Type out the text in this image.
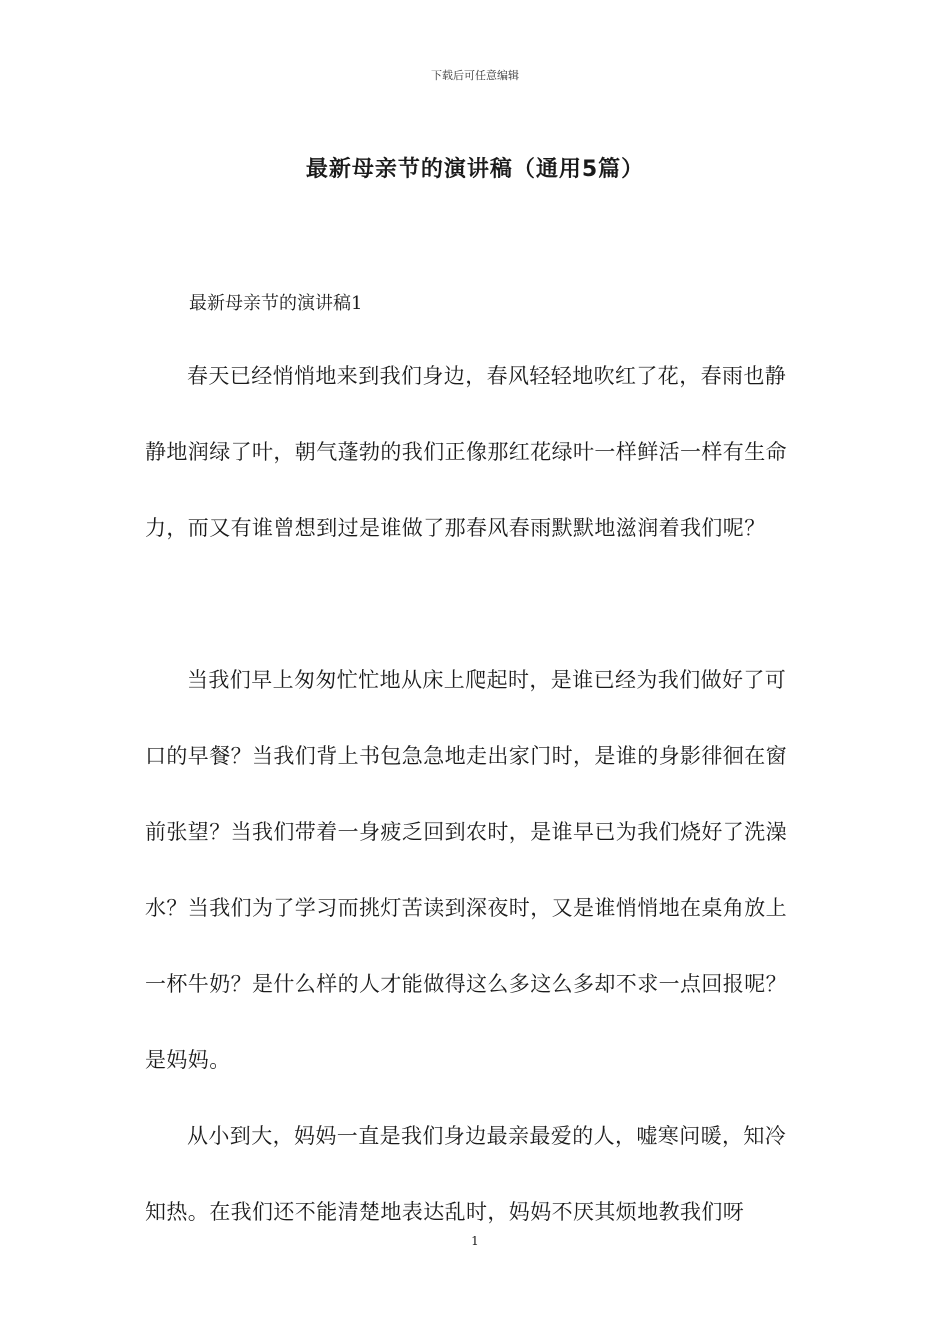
下载后可任意编辑
最新母亲节的演讲稿（通用5篇）
最新母亲节的演讲稿1

春天已经悄悄地来到我们身边，春风轻轻地吹红了花，春雨也静静地润绿了叶，朝气蓬勃的我们正像那红花绿叶一样鲜活一样有生命力，而又有谁曾想到过是谁做了那春风春雨默默地滋润着我们呢？

当我们早上匆匆忙忙地从床上爬起时，是谁已经为我们做好了可口的早餐？当我们背上书包急急地走出家门时，是谁的身影徘徊在窗前张望？当我们带着一身疲乏回到农时，是谁早已为我们烧好了洗澡水？当我们为了学习而挑灯苦读到深夜时，又是谁悄悄地在桌角放上一杯牛奶？是什么样的人才能做得这么多这么多却不求一点回报呢？是妈妈。

从小到大，妈妈一直是我们身边最亲最爱的人，嘘寒问暖，知冷知热。在我们还不能清楚地表达乱时，妈妈不厌其烦地教我们呀

1
